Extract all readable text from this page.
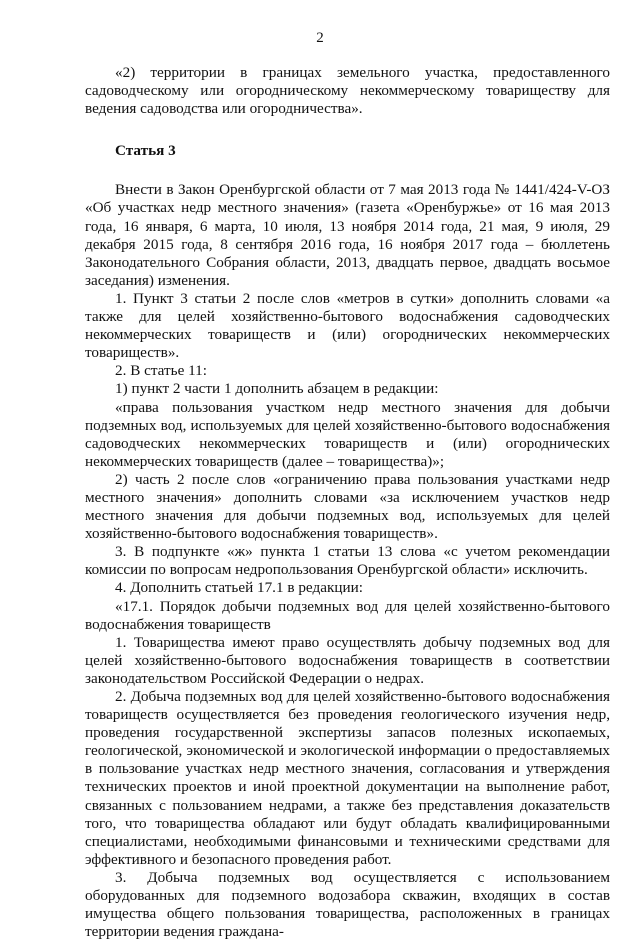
2

«2) территории в границах земельного участка, предоставленного садоводческому или огородническому некоммерческому товариществу для ведения садоводства или огородничества».

Статья 3

Внести в Закон Оренбургской области от 7 мая 2013 года № 1441/424-V-ОЗ «Об участках недр местного значения» (газета «Оренбуржье» от 16 мая 2013 года, 16 января, 6 марта, 10 июля, 13 ноября 2014 года, 21 мая, 9 июля, 29 декабря 2015 года, 8 сентября 2016 года, 16 ноября 2017 года – бюллетень Законодательного Собрания области, 2013, двадцать первое, двадцать восьмое заседания) изменения.

1. Пункт 3 статьи 2 после слов «метров в сутки» дополнить словами «а также для целей хозяйственно-бытового водоснабжения садоводческих некоммерческих товариществ и (или) огороднических некоммерческих товариществ».

2. В статье 11:

1) пункт 2 части 1 дополнить абзацем в редакции:

«права пользования участком недр местного значения для добычи подземных вод, используемых для целей хозяйственно-бытового водоснабжения садоводческих некоммерческих товариществ и (или) огороднических некоммерческих товариществ (далее – товарищества)»;

2) часть 2 после слов «ограничению права пользования участками недр местного значения» дополнить словами «за исключением участков недр местного значения для добычи подземных вод, используемых для целей хозяйственно-бытового водоснабжения товариществ».

3. В подпункте «ж» пункта 1 статьи 13 слова «с учетом рекомендации комиссии по вопросам недропользования Оренбургской области» исключить.

4. Дополнить статьей 17.1 в редакции:

«17.1. Порядок добычи подземных вод для целей хозяйственно-бытового водоснабжения товариществ

1. Товарищества имеют право осуществлять добычу подземных вод для целей хозяйственно-бытового водоснабжения товариществ в соответствии законодательством Российской Федерации о недрах.

2. Добыча подземных вод для целей хозяйственно-бытового водоснабжения товариществ осуществляется без проведения геологического изучения недр, проведения государственной экспертизы запасов полезных ископаемых, геологической, экономической и экологической информации о предоставляемых в пользование участках недр местного значения, согласования и утверждения технических проектов и иной проектной документации на выполнение работ, связанных с пользованием недрами, а также без представления доказательств того, что товарищества обладают или будут обладать квалифицированными специалистами, необходимыми финансовыми и техническими средствами для эффективного и безопасного проведения работ.

3. Добыча подземных вод осуществляется с использованием оборудованных для подземного водозабора скважин, входящих в состав имущества общего пользования товарищества, расположенных в границах территории ведения граждана-
